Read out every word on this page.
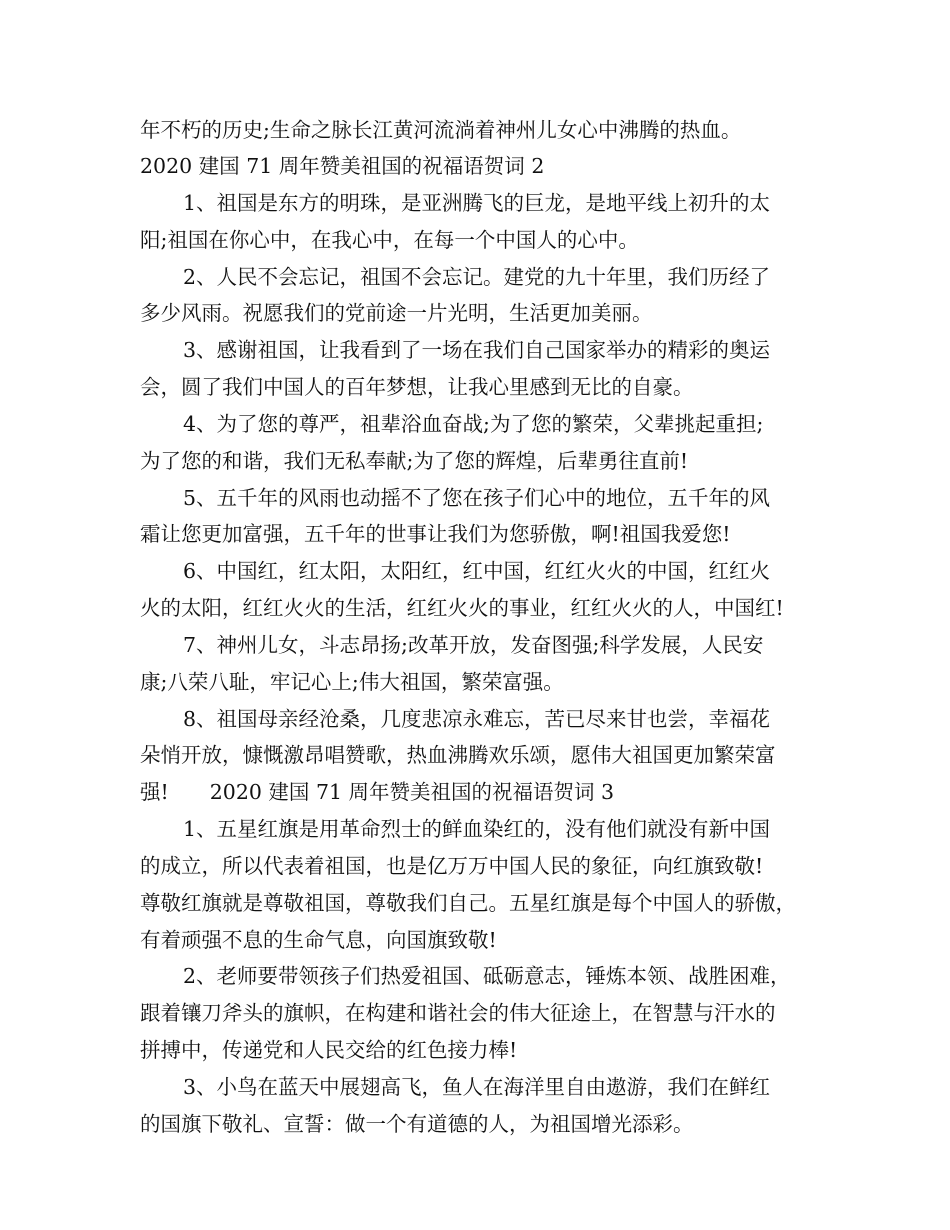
年不朽的历史;生命之脉长江黄河流淌着神州儿女心中沸腾的热血。
2020 建国 71 周年赞美祖国的祝福语贺词 2
1、祖国是东方的明珠，是亚洲腾飞的巨龙，是地平线上初升的太
阳;祖国在你心中，在我心中，在每一个中国人的心中。
2、人民不会忘记，祖国不会忘记。建党的九十年里，我们历经了
多少风雨。祝愿我们的党前途一片光明，生活更加美丽。
3、感谢祖国，让我看到了一场在我们自己国家举办的精彩的奥运
会，圆了我们中国人的百年梦想，让我心里感到无比的自豪。
4、为了您的尊严，祖辈浴血奋战;为了您的繁荣，父辈挑起重担;
为了您的和谐，我们无私奉献;为了您的辉煌，后辈勇往直前!
5、五千年的风雨也动摇不了您在孩子们心中的地位，五千年的风
霜让您更加富强，五千年的世事让我们为您骄傲，啊!祖国我爱您!
6、中国红，红太阳，太阳红，红中国，红红火火的中国，红红火
火的太阳，红红火火的生活，红红火火的事业，红红火火的人，中国红!
7、神州儿女，斗志昂扬;改革开放，发奋图强;科学发展，人民安
康;八荣八耻，牢记心上;伟大祖国，繁荣富强。
8、祖国母亲经沧桑，几度悲凉永难忘，苦已尽来甘也尝，幸福花
朵悄开放，慷慨激昂唱赞歌，热血沸腾欢乐颂，愿伟大祖国更加繁荣富
强!　　2020 建国 71 周年赞美祖国的祝福语贺词 3
1、五星红旗是用革命烈士的鲜血染红的，没有他们就没有新中国
的成立，所以代表着祖国，也是亿万万中国人民的象征，向红旗致敬!
尊敬红旗就是尊敬祖国，尊敬我们自己。五星红旗是每个中国人的骄傲，
有着顽强不息的生命气息，向国旗致敬!
2、老师要带领孩子们热爱祖国、砥砺意志，锤炼本领、战胜困难，
跟着镶刀斧头的旗帜，在构建和谐社会的伟大征途上，在智慧与汗水的
拼搏中，传递党和人民交给的红色接力棒!
3、小鸟在蓝天中展翅高飞，鱼人在海洋里自由遨游，我们在鲜红
的国旗下敬礼、宣誓：做一个有道德的人，为祖国增光添彩。
